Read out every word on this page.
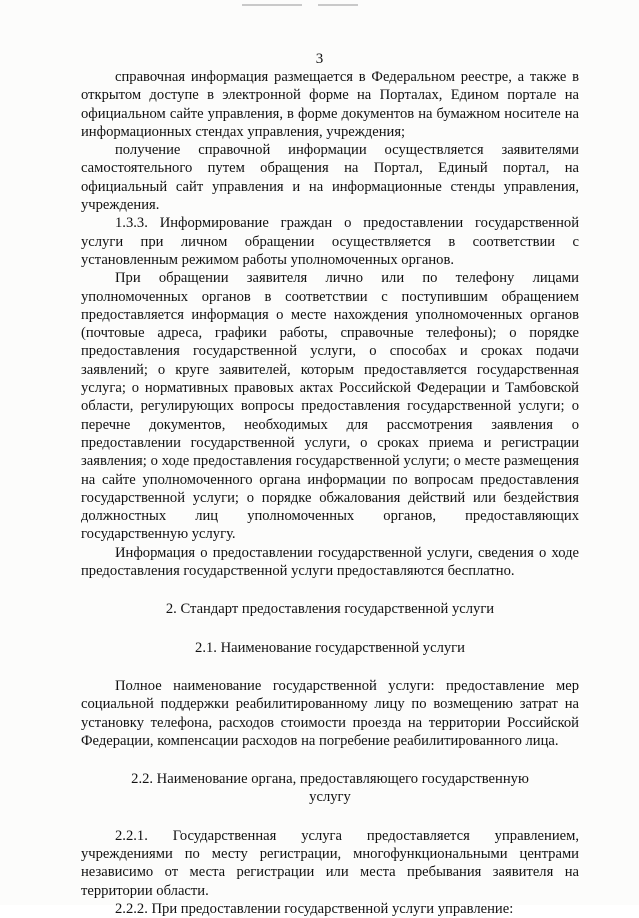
3

справочная информация размещается в Федеральном реестре, а также в открытом доступе в электронной форме на Порталах, Едином портале на официальном сайте управления, в форме документов на бумажном носителе на информационных стендах управления, учреждения;

получение справочной информации осуществляется заявителями самостоятельного путем обращения на Портал, Единый портал, на официальный сайт управления и на информационные стенды управления, учреждения.

1.3.3. Информирование граждан о предоставлении государственной услуги при личном обращении осуществляется в соответствии с установленным режимом работы уполномоченных органов.

При обращении заявителя лично или по телефону лицами уполномоченных органов в соответствии с поступившим обращением предоставляется информация о месте нахождения уполномоченных органов (почтовые адреса, графики работы, справочные телефоны); о порядке предоставления государственной услуги, о способах и сроках подачи заявлений; о круге заявителей, которым предоставляется государственная услуга; о нормативных правовых актах Российской Федерации и Тамбовской области, регулирующих вопросы предоставления государственной услуги; о перечне документов, необходимых для рассмотрения заявления о предоставлении государственной услуги, о сроках приема и регистрации заявления; о ходе предоставления государственной услуги; о месте размещения на сайте уполномоченного органа информации по вопросам предоставления государственной услуги; о порядке обжалования действий или бездействия должностных лиц уполномоченных органов, предоставляющих государственную услугу.

Информация о предоставлении государственной услуги, сведения о ходе предоставления государственной услуги предоставляются бесплатно.

2. Стандарт предоставления государственной услуги

2.1. Наименование государственной услуги

Полное наименование государственной услуги: предоставление мер социальной поддержки реабилитированному лицу по возмещению затрат на установку телефона, расходов стоимости проезда на территории Российской Федерации, компенсации расходов на погребение реабилитированного лица.

2.2. Наименование органа, предоставляющего государственную

услугу

2.2.1. Государственная услуга предоставляется управлением, учреждениями по месту регистрации, многофункциональными центрами независимо от места регистрации или места пребывания заявителя на территории области.

2.2.2. При предоставлении государственной услуги управление:
